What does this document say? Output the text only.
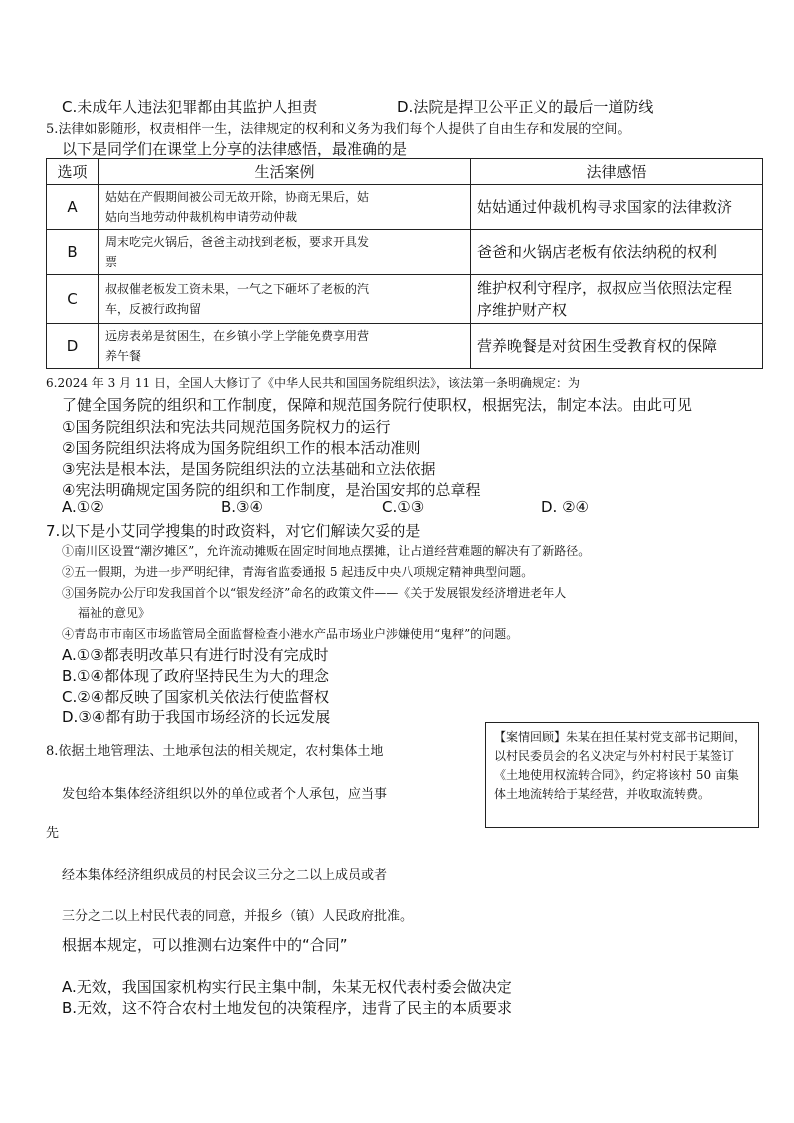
C.未成年人违法犯罪都由其监护人担责	D.法院是捍卫公平正义的最后一道防线
5.法律如影随形，权责相伴一生，法律规定的权利和义务为我们每个人提供了自由生存和发展的空间。
以下是同学们在课堂上分享的法律感悟，最准确的是
选项	生活案例	法律感悟
A	姑姑在产假期间被公司无故开除，协商无果后，姑
姑向当地劳动仲裁机构申请劳动仲裁	姑姑通过仲裁机构寻求国家的法律救济
B	周末吃完火锅后，爸爸主动找到老板，要求开具发
票	爸爸和火锅店老板有依法纳税的权利
C	叔叔催老板发工资未果，一气之下砸坏了老板的汽
车，反被行政拘留	维护权利守程序，叔叔应当依照法定程
序维护财产权
D	远房表弟是贫困生，在乡镇小学上学能免费享用营
养午餐	营养晚餐是对贫困生受教育权的保障
6.2024 年 3 月 11 日，全国人大修订了《中华人民共和国国务院组织法》，该法第一条明确规定：为
了健全国务院的组织和工作制度，保障和规范国务院行使职权，根据宪法，制定本法。由此可见
①国务院组织法和宪法共同规范国务院权力的运行
②国务院组织法将成为国务院组织工作的根本活动准则
③宪法是根本法，是国务院组织法的立法基础和立法依据
④宪法明确规定国务院的组织和工作制度，是治国安邦的总章程
A.①②	B.③④	C.①③	D. ②④
7.以下是小艾同学搜集的时政资料，对它们解读欠妥的是
①南川区设置“潮汐摊区”，允许流动摊贩在固定时间地点摆摊，让占道经营难题的解决有了新路径。
②五一假期，为进一步严明纪律，青海省监委通报 5 起违反中央八项规定精神典型问题。
③国务院办公厅印发我国首个以“银发经济”命名的政策文件——《关于发展银发经济增进老年人
福祉的意见》
④青岛市市南区市场监管局全面监督检查小港水产品市场业户涉嫌使用“鬼秤”的问题。
A.①③都表明改革只有进行时没有完成时
B.①④都体现了政府坚持民生为大的理念
C.②④都反映了国家机关依法行使监督权
D.③④都有助于我国市场经济的长远发展
8.依据土地管理法、土地承包法的相关规定，农村集体土地
发包给本集体经济组织以外的单位或者个人承包，应当事
先
经本集体经济组织成员的村民会议三分之二以上成员或者
三分之二以上村民代表的同意，并报乡（镇）人民政府批准。
根据本规定，可以推测右边案件中的“合同”
【案情回顾】朱某在担任某村党支部书记期间，以村民委员会的名义决定与外村村民于某签订《土地使用权流转合同》，约定将该村 50 亩集体土地流转给于某经营，并收取流转费。
A.无效，我国国家机构实行民主集中制，朱某无权代表村委会做决定
B.无效，这不符合农村土地发包的决策程序，违背了民主的本质要求
